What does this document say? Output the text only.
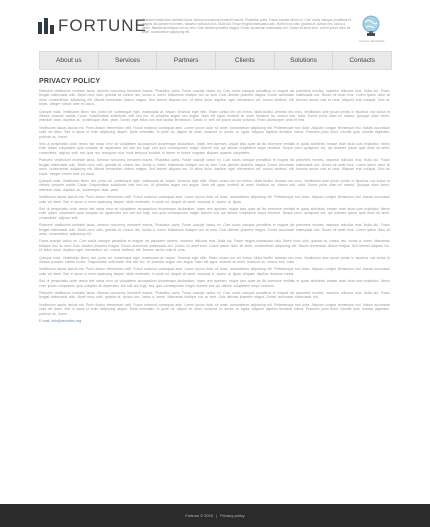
FORTUNE
Praesent vestibulum molestie lacus. Aenean nonummy hendrerit mauris. Phasellus porta. Fusce suscipit varius mi. Cum sociis natoque penatibus et magnis dis parturient montes, nascetur ridiculus mus. Nulla dui. Fusce feugiat malesuada odio. Morbi nunc odio, gravida at, cursus nec, luctus a, lorem. Maecenas tristique orci ac sem. Duis ultricies pharetra magna. Donec accumsan malesuada orci. Donec sit amet eros. Lorem ipsum dolor sit amet, consectetuer adipiscing elit.
Fortune Worldwide
About us	Services	Partners	Clients	Solutions	Contacts
PRIVACY POLICY

Praesent vestibulum molestie lacus. Aenean nonummy hendrerit mauris. Phasellus porta. Fusce suscipit varius mi. Cum sociis natoque penatibus et magnis dis parturient montes, nascetur ridiculus mus. Nulla dui. Fusce feugiat malesuada odio. Morbi nunc odio, gravida at, cursus nec, luctus a, lorem. Maecenas tristique orci ac sem. Duis ultricies pharetra magna. Donec accumsan malesuada orci. Donec sit amet eros. Lorem ipsum dolor sit amet, consectetuer adipiscing elit. Mauris fermentum dictum magna. Sed laoreet aliquam leo. Ut tellus dolor, dapibus eget, elementum vel, cursus eleifend, elit. Aenean auctor wisi et urna. Aliquam erat volutpat. Duis ac turpis. Integer rutrum ante eu lacus.

Quisque nulla. Vestibulum libero nisl, porta vel, scelerisque eget, malesuada at, neque. Vivamus eget nibh. Etiam cursus leo vel metus. Nulla facilisi. Aenean nec eros. Vestibulum ante ipsum primis in faucibus orci luctus et ultrices posuere cubilia Curae; Suspendisse sollicitudin velit sed leo. Ut pharetra augue nec augue. Nam elit agna, endrerit sit amet, tincidunt ac, viverra sed, nulla. Donec porta diam eu massa. Quisque diam lorem, interdum vitae, dapibus ac, scelerisque vitae, pede. Donec eget tellus non erat lacinia fermentum. Donec in velit vel ipsum auctor pulvinar. Proin ullamcorper urna et felis.

Vestibulum iaculis lacinia est. Proin dictum elementum velit. Fusce euismod consequat ante. Lorem ipsum dolor sit amet, consectetuer adipiscing elit. Pellentesque sed dolor. Aliquam congue fermentum nisl. Mauris accumsan nulla vel diam. Sed in lacus ut enim adipiscing aliquet. Nulla venenatis. In pede mi, aliquet sit amet, euismod in, auctor ut, ligula. Aliquam dapibus tincidunt metus. Praesent justo dolor, lobortis quis, lobortis dignissim, pulvinar ac, lorem.

Sed ut perspiciatis unde omnis iste natus error sit voluptatem accusantium doloremque laudantium, totam rem aperiam, eaque ipsa quae ab illo inventore veritatis et quasi architecto beatae vitae dicta sunt explicabo. Nemo enim ipsam voluptatem quia voluptas sit aspernatur aut odit aut fugit, sed quia consequuntur magni dolores eos qui ratione voluptatem sequi nesciunt. Neque porro quisquam est, qui dolorem ipsum quia dolor sit amet, consectetur, adipisci velit, sed quia non numquam eius modi tempora incidunt ut labore et dolore magnam aliquam quaerat voluptatem.

Praesent vestibulum molestie lacus. Aenean nonummy hendrerit mauris. Phasellus porta. Fusce suscipit varius mi. Cum sociis natoque penatibus et magnis dis parturient montes, nascetur ridiculus mus. Nulla dui. Fusce feugiat malesuada odio. Morbi nunc odio, gravida at, cursus nec, luctus a, lorem. Maecenas tristique orci ac sem. Duis ultricies pharetra magna. Donec accumsan malesuada orci. Donec sit amet eros. Lorem ipsum dolor sit amet, consectetuer adipiscing elit. Mauris fermentum dictum magna. Sed laoreet aliquam leo. Ut tellus dolor, dapibus eget, elementum vel, cursus eleifend, elit. Aenean auctor wisi et urna. Aliquam erat volutpat. Duis ac turpis. Integer rutrum ante eu lacus.

Quisque nulla. Vestibulum libero nisl, porta vel, scelerisque eget, malesuada at, neque. Vivamus eget nibh. Etiam cursus leo vel metus. Nulla facilisi. Aenean nec eros. Vestibulum ante ipsum primis in faucibus orci luctus et ultrices posuere cubilia Curae; Suspendisse sollicitudin velit sed leo. Ut pharetra augue nec augue. Nam elit agna, endrerit sit amet, tincidunt ac, viverra sed, nulla. Donec porta diam eu massa. Quisque diam lorem, interdum vitae, dapibus ac, scelerisque vitae, pede.

Vestibulum iaculis lacinia est. Proin dictum elementum velit. Fusce euismod consequat ante. Lorem ipsum dolor sit amet, consectetuer adipiscing elit. Pellentesque sed dolor. Aliquam congue fermentum nisl. Mauris accumsan nulla vel diam. Sed in lacus ut enim adipiscing aliquet. Nulla venenatis. In pede mi, aliquet sit amet, euismod in, auctor ut, ligula.

Sed ut perspiciatis unde omnis iste natus error sit voluptatem accusantium doloremque laudantium, totam rem aperiam, eaque ipsa quae ab illo inventore veritatis et quasi architecto beatae vitae dicta sunt explicabo. Nemo enim ipsam voluptatem quia voluptas sit aspernatur aut odit aut fugit, sed quia consequuntur magni dolores eos qui ratione voluptatem sequi nesciunt. Neque porro quisquam est, qui dolorem ipsum quia dolor sit amet, consectetur, adipisci velit.

Praesent vestibulum molestie lacus. Aenean nonummy hendrerit mauris. Phasellus porta. Fusce suscipit varius mi. Cum sociis natoque penatibus et magnis dis parturient montes, nascetur ridiculus mus. Nulla dui. Fusce feugiat malesuada odio. Morbi nunc odio, gravida at, cursus nec, luctus a, lorem. Maecenas tristique orci ac sem. Duis ultricies pharetra magna. Donec accumsan malesuada orci. Donec sit amet eros. Lorem ipsum dolor sit amet, consectetuer adipiscing elit.

Fusce suscipit varius mi. Cum sociis natoque penatibus et magnis dis parturient montes, nascetur ridiculus mus. Nulla dui. Fusce feugiat malesuada odio. Morbi nunc odio, gravida at, cursus nec, luctus a, lorem. Maecenas tristique orci ac sem. Duis ultricies pharetra magna. Donec accumsan malesuada orci. Donec sit amet eros. Lorem ipsum dolor sit amet, consectetuer adipiscing elit. Mauris fermentum dictum magna. Sed laoreet aliquam leo. Ut tellus dolor, dapibus eget, elementum vel, cursus eleifend, elit. Aenean auctor wisi et urna.

Quisque nulla. Vestibulum libero nisl, porta vel, scelerisque eget, malesuada at, neque. Vivamus eget nibh. Etiam cursus leo vel metus. Nulla facilisi. Aenean nec eros. Vestibulum ante ipsum primis in faucibus orci luctus et ultrices posuere cubilia Curae; Suspendisse sollicitudin velit sed leo. Ut pharetra augue nec augue. Nam elit agna, endrerit sit amet, tincidunt ac, viverra sed, nulla.

Vestibulum iaculis lacinia est. Proin dictum elementum velit. Fusce euismod consequat ante. Lorem ipsum dolor sit amet, consectetuer adipiscing elit. Pellentesque sed dolor. Aliquam congue fermentum nisl. Mauris accumsan nulla vel diam. Sed in lacus ut enim adipiscing aliquet. Nulla venenatis. In pede mi, aliquet sit amet, euismod in, auctor ut, ligula. Aliquam dapibus tincidunt metus.

Sed ut perspiciatis unde omnis iste natus error sit voluptatem accusantium doloremque laudantium, totam rem aperiam, eaque ipsa quae ab illo inventore veritatis et quasi architecto beatae vitae dicta sunt explicabo. Nemo enim ipsam voluptatem quia voluptas sit aspernatur aut odit aut fugit, sed quia consequuntur magni dolores eos qui ratione voluptatem sequi nesciunt.

Praesent vestibulum molestie lacus. Aenean nonummy hendrerit mauris. Phasellus porta. Fusce suscipit varius mi. Cum sociis natoque penatibus et magnis dis parturient montes, nascetur ridiculus mus. Nulla dui. Fusce feugiat malesuada odio. Morbi nunc odio, gravida at, cursus nec, luctus a, lorem. Maecenas tristique orci ac sem. Duis ultricies pharetra magna. Donec accumsan malesuada orci.

Vestibulum iaculis lacinia est. Proin dictum elementum velit. Fusce euismod consequat ante. Lorem ipsum dolor sit amet, consectetuer adipiscing elit. Pellentesque sed dolor. Aliquam congue fermentum nisl. Mauris accumsan nulla vel diam. Sed in lacus ut enim adipiscing aliquet. Nulla venenatis. In pede mi, aliquet sit amet, euismod in, auctor ut, ligula. Aliquam dapibus tincidunt metus. Praesent justo dolor, lobortis quis, lobortis dignissim, pulvinar ac, lorem.

E-mail: info@demolink.org
Fortune © 2010 | Privacy policy
